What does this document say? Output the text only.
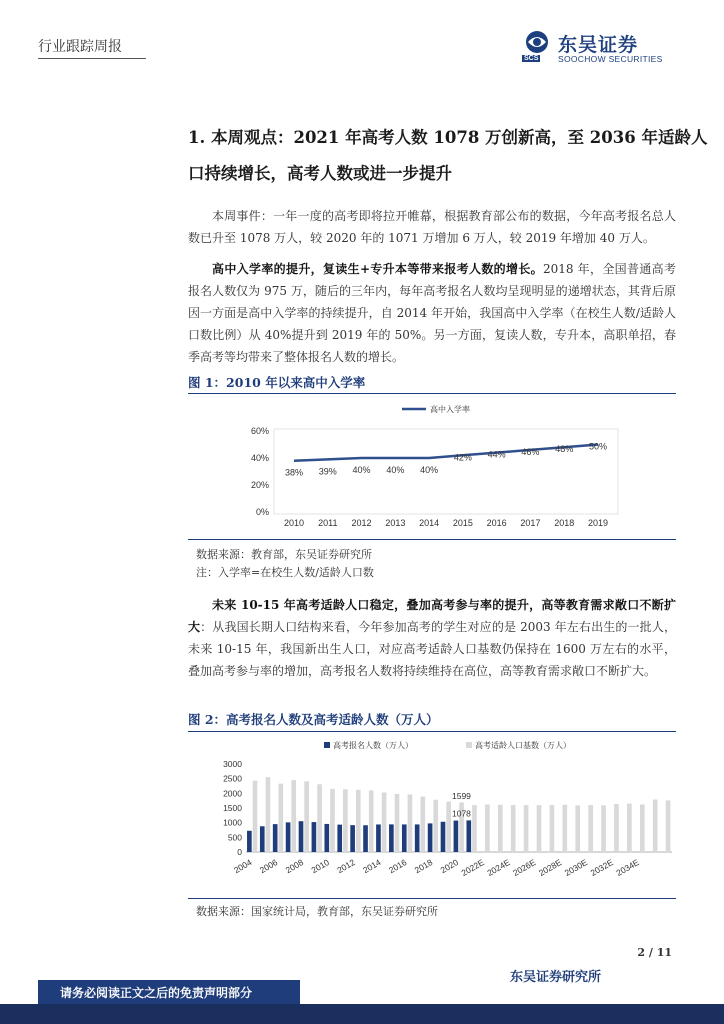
行业跟踪周报
SCS
东吴证券
SOOCHOW SECURITIES
1. 本周观点：2021 年高考人数 1078 万创新高，至 2036 年适龄人
口持续增长，高考人数或进一步提升
本周事件：一年一度的高考即将拉开帷幕，根据教育部公布的数据，今年高考报名总人数已升至 1078 万人，较 2020 年的 1071 万增加 6 万人，较 2019 年增加 40 万人。
高中入学率的提升，复读生+专升本等带来报考人数的增长。2018 年，全国普通高考报名人数仅为 975 万，随后的三年内，每年高考报名人数均呈现明显的递增状态，其背后原因一方面是高中入学率的持续提升，自 2014 年开始，我国高中入学率（在校生人数/适龄人口数比例）从 40%提升到 2019 年的 50%。另一方面，复读人数，专升本，高职单招，春季高考等均带来了整体报名人数的增长。
图 1：2010 年以来高中入学率
高中入学率
0%
20%
40%
60%
2010 2011 2012 2013 2014 2015 2016 2017 2018 2019
38% 39% 40% 40% 40%
42% 44% 46% 48% 50%
数据来源：教育部，东吴证券研究所
注：入学率=在校生人数/适龄人口数
未来 10-15 年高考适龄人口稳定，叠加高考参与率的提升，高等教育需求敞口不断扩大：从我国长期人口结构来看，今年参加高考的学生对应的是 2003 年左右出生的一批人，未来 10-15 年，我国新出生人口，对应高考适龄人口基数仍保持在 1600 万左右的水平，叠加高考参与率的增加，高考报名人数将持续维持在高位，高等教育需求敞口不断扩大。
图 2：高考报名人数及高考适龄人数（万人）
高考报名人数（万人）	高考适龄人口基数（万人）
0
500
1000
1500
2000
2500
3000
1599
1078
2004 2006 2008 2010 2012 2014 2016 2018 2020 2022E 2024E 2026E 2028E 2030E 2032E 2034E
数据来源：国家统计局，教育部，东吴证券研究所
2 / 11
东吴证券研究所
请务必阅读正文之后的免责声明部分
